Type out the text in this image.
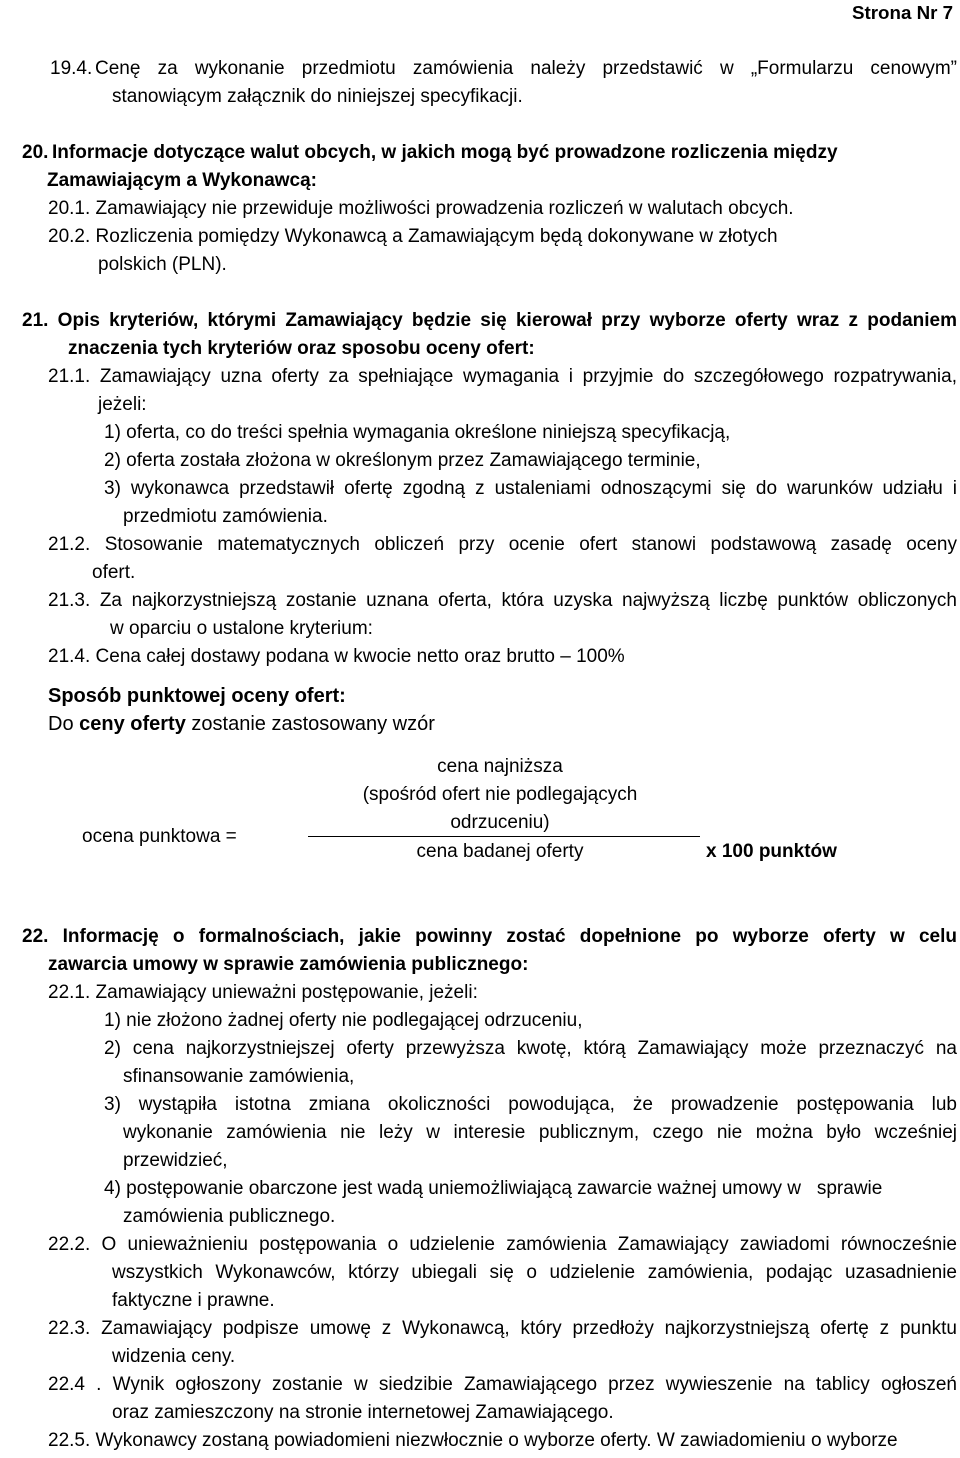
Strona Nr 7
19.4. Cenę za wykonanie przedmiotu zamówienia należy przedstawić w „Formularzu cenowym”
stanowiącym załącznik do niniejszej specyfikacji.
20. Informacje dotyczące walut obcych, w jakich mogą być prowadzone rozliczenia między
Zamawiającym a Wykonawcą:
20.1. Zamawiający nie przewiduje możliwości prowadzenia rozliczeń w walutach obcych.
20.2. Rozliczenia pomiędzy Wykonawcą a Zamawiającym będą dokonywane w złotych
polskich (PLN).
21. Opis kryteriów, którymi Zamawiający będzie się kierował przy wyborze oferty wraz z podaniem
znaczenia tych kryteriów oraz sposobu oceny ofert:
21.1. Zamawiający uzna oferty za spełniające wymagania i przyjmie do szczegółowego rozpatrywania,
jeżeli:
1) oferta, co do treści spełnia wymagania określone niniejszą specyfikacją,
2) oferta została złożona w określonym przez Zamawiającego terminie,
3) wykonawca przedstawił ofertę zgodną z ustaleniami odnoszącymi się do warunków udziału i
przedmiotu zamówienia.
21.2. Stosowanie matematycznych obliczeń przy ocenie ofert stanowi podstawową zasadę oceny
ofert.
21.3. Za najkorzystniejszą zostanie uznana oferta, która uzyska najwyższą liczbę punktów obliczonych
w oparciu o ustalone kryterium:
21.4. Cena całej dostawy podana w kwocie netto oraz brutto – 100%
Sposób punktowej oceny ofert:
Do ceny oferty zostanie zastosowany wzór
cena najniższa
(spośród ofert nie podlegających
odrzuceniu)
ocena punktowa =
cena badanej oferty	x 100 punktów
22. Informację o formalnościach, jakie powinny zostać dopełnione po wyborze oferty w celu
zawarcia umowy w sprawie zamówienia publicznego:
22.1. Zamawiający unieważni postępowanie, jeżeli:
1) nie złożono żadnej oferty nie podlegającej odrzuceniu,
2) cena najkorzystniejszej oferty przewyższa kwotę, którą Zamawiający może przeznaczyć na
sfinansowanie zamówienia,
3) wystąpiła istotna zmiana okoliczności powodująca, że prowadzenie postępowania lub
wykonanie zamówienia nie leży w interesie publicznym, czego nie można było wcześniej
przewidzieć,
4) postępowanie obarczone jest wadą uniemożliwiającą zawarcie ważnej umowy w   sprawie
zamówienia publicznego.
22.2. O unieważnieniu postępowania o udzielenie zamówienia Zamawiający zawiadomi równocześnie
wszystkich Wykonawców, którzy ubiegali się o udzielenie zamówienia, podając uzasadnienie
faktyczne i prawne.
22.3. Zamawiający podpisze umowę z Wykonawcą, który przedłoży najkorzystniejszą ofertę z punktu
widzenia ceny.
22.4 . Wynik ogłoszony zostanie w siedzibie Zamawiającego przez wywieszenie na tablicy ogłoszeń
oraz zamieszczony na stronie internetowej Zamawiającego.
22.5. Wykonawcy zostaną powiadomieni niezwłocznie o wyborze oferty. W zawiadomieniu o wyborze
